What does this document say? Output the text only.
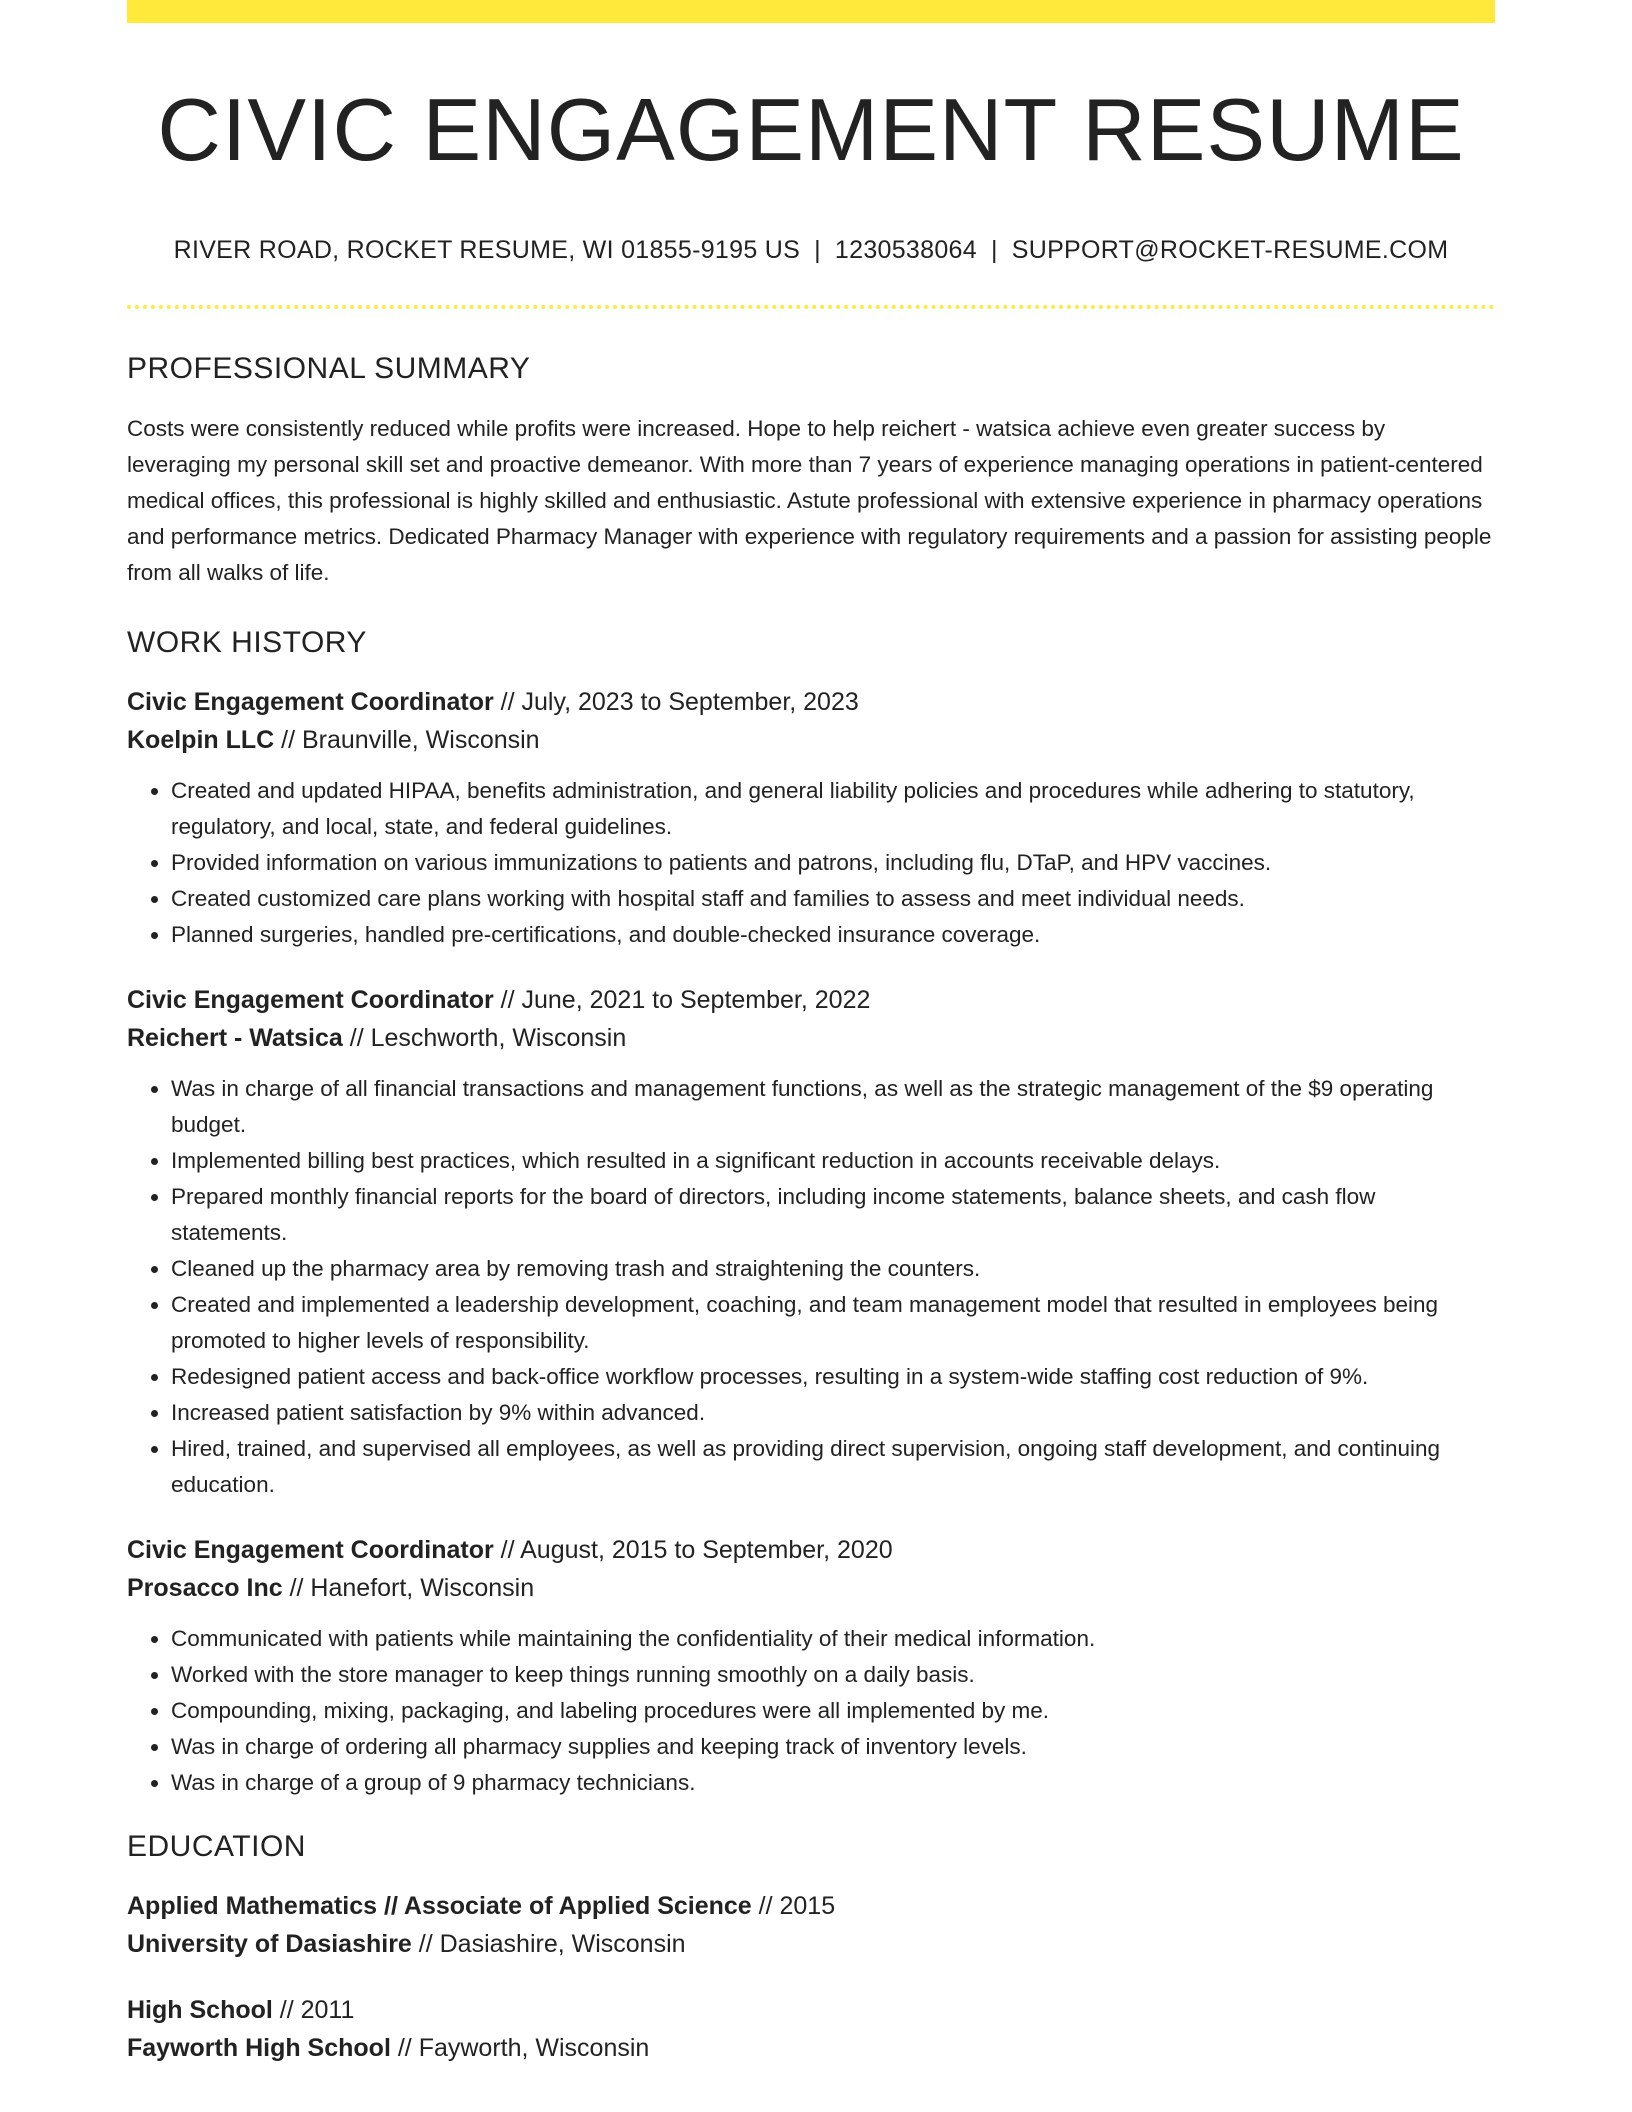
CIVIC ENGAGEMENT RESUME
RIVER ROAD, ROCKET RESUME, WI 01855-9195 US | 1230538064 | SUPPORT@ROCKET-RESUME.COM
PROFESSIONAL SUMMARY

Costs were consistently reduced while profits were increased. Hope to help reichert - watsica achieve even greater success by leveraging my personal skill set and proactive demeanor. With more than 7 years of experience managing operations in patient-centered medical offices, this professional is highly skilled and enthusiastic. Astute professional with extensive experience in pharmacy operations and performance metrics. Dedicated Pharmacy Manager with experience with regulatory requirements and a passion for assisting people from all walks of life.

WORK HISTORY
Civic Engagement Coordinator // July, 2023 to September, 2023
Koelpin LLC // Braunville, Wisconsin
• Created and updated HIPAA, benefits administration, and general liability policies and procedures while adhering to statutory, regulatory, and local, state, and federal guidelines.
• Provided information on various immunizations to patients and patrons, including flu, DTaP, and HPV vaccines.
• Created customized care plans working with hospital staff and families to assess and meet individual needs.
• Planned surgeries, handled pre-certifications, and double-checked insurance coverage.
Civic Engagement Coordinator // June, 2021 to September, 2022
Reichert - Watsica // Leschworth, Wisconsin
• Was in charge of all financial transactions and management functions, as well as the strategic management of the $9 operating budget.
• Implemented billing best practices, which resulted in a significant reduction in accounts receivable delays.
• Prepared monthly financial reports for the board of directors, including income statements, balance sheets, and cash flow statements.
• Cleaned up the pharmacy area by removing trash and straightening the counters.
• Created and implemented a leadership development, coaching, and team management model that resulted in employees being promoted to higher levels of responsibility.
• Redesigned patient access and back-office workflow processes, resulting in a system-wide staffing cost reduction of 9%.
• Increased patient satisfaction by 9% within advanced.
• Hired, trained, and supervised all employees, as well as providing direct supervision, ongoing staff development, and continuing education.
Civic Engagement Coordinator // August, 2015 to September, 2020
Prosacco Inc // Hanefort, Wisconsin
• Communicated with patients while maintaining the confidentiality of their medical information.
• Worked with the store manager to keep things running smoothly on a daily basis.
• Compounding, mixing, packaging, and labeling procedures were all implemented by me.
• Was in charge of ordering all pharmacy supplies and keeping track of inventory levels.
• Was in charge of a group of 9 pharmacy technicians.
EDUCATION
Applied Mathematics // Associate of Applied Science // 2015
University of Dasiashire // Dasiashire, Wisconsin
High School // 2011
Fayworth High School // Fayworth, Wisconsin
